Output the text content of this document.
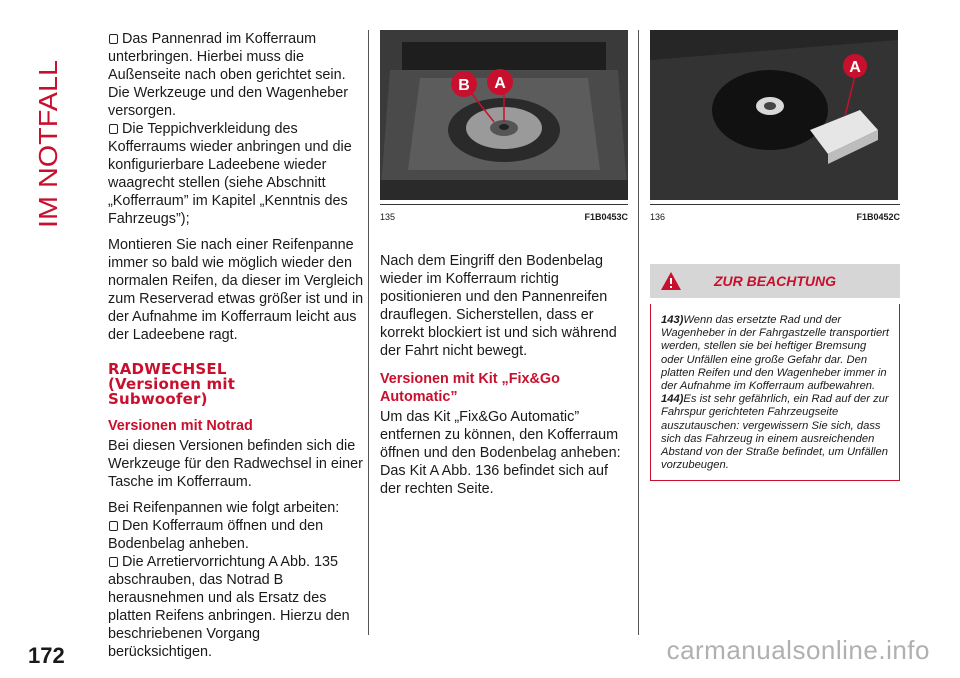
IM NOTFALL
172

Das Pannenrad im Kofferraum unterbringen. Hierbei muss die Außenseite nach oben gerichtet sein. Die Werkzeuge und den Wagenheber versorgen.

Die Teppichverkleidung des Kofferraums wieder anbringen und die konfigurierbare Ladeebene wieder waagrecht stellen (siehe Abschnitt „Kofferraum” im Kapitel „Kenntnis des Fahrzeugs”);

Montieren Sie nach einer Reifenpanne immer so bald wie möglich wieder den normalen Reifen, da dieser im Vergleich zum Reserverad etwas größer ist und in der Aufnahme im Kofferraum leicht aus der Ladeebene ragt.

RADWECHSEL
(Versionen mit
Subwoofer)
Versionen mit Notrad

Bei diesen Versionen befinden sich die Werkzeuge für den Radwechsel in einer Tasche im Kofferraum.

Bei Reifenpannen wie folgt arbeiten:

Den Kofferraum öffnen und den Bodenbelag anheben.

Die Arretiervorrichtung A Abb. 135 abschrauben, das Notrad B herausnehmen und als Ersatz des platten Reifens anbringen. Hierzu den beschriebenen Vorgang berücksichtigen.

B A
135	F1B0453C

Nach dem Eingriff den Bodenbelag wieder im Kofferraum richtig positionieren und den Pannenreifen drauflegen. Sicherstellen, dass er korrekt blockiert ist und sich während der Fahrt nicht bewegt.

Versionen mit Kit „Fix&Go
Automatic”

Um das Kit „Fix&Go Automatic” entfernen zu können, den Kofferraum öffnen und den Bodenbelag anheben: Das Kit A Abb. 136 befindet sich auf der rechten Seite.

A
136	F1B0452C
ZUR BEACHTUNG

143)Wenn das ersetzte Rad und der Wagenheber in der Fahrgastzelle transportiert werden, stellen sie bei heftiger Bremsung oder Unfällen eine große Gefahr dar. Den platten Reifen und den Wagenheber immer in der Aufnahme im Kofferraum aufbewahren.

144)Es ist sehr gefährlich, ein Rad auf der zur Fahrspur gerichteten Fahrzeugseite auszutauschen: vergewissern Sie sich, dass sich das Fahrzeug in einem ausreichenden Abstand von der Straße befindet, um Unfällen vorzubeugen.

carmanualsonline.info
